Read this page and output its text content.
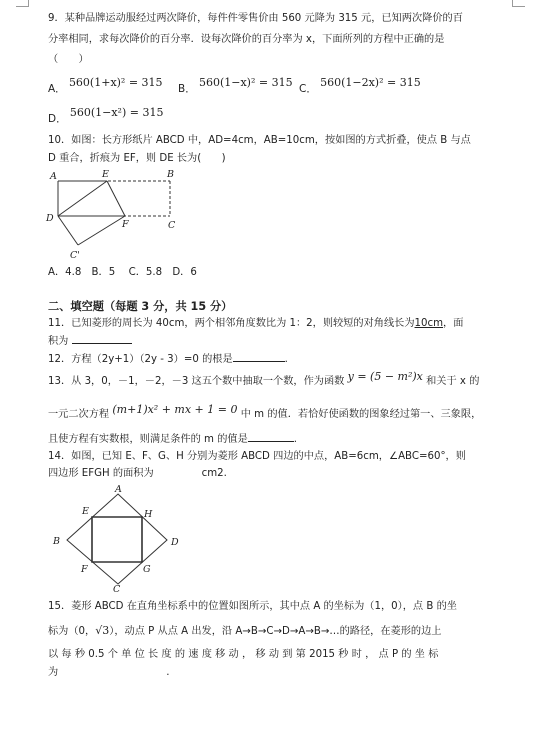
9．某种品牌运动服经过两次降价，每件件零售价由 560 元降为 315 元，已知两次降价的百
分率相同，求每次降价的百分率．设每次降价的百分率为 x，下面所列的方程中正确的是
（　　）
A． 560(1+x)² = 315 B． 560(1−x)² = 315 C． 560(1−2x)² = 315
D． 560(1−x²) = 315
10．如图：长方形纸片 ABCD 中，AD=4cm，AB=10cm，按如图的方式折叠，使点 B 与点
D 重合，折痕为 EF，则 DE 长为(　　)
A	E	B
D
F	C
C'
A．4.8　B．5　 C．5.8　D．6
二、填空题（每题 3 分，共 15 分）
11．已知菱形的周长为 40cm，两个相邻角度数比为 1：2，则较短的对角线长为10cm，面
积为
12．方程（2y+1）（2y - 3）=0 的根是	.
13．从 3，0，－1，－2，－3 这五个数中抽取一个数，作为函数 y = (5 − m²)x 和关于 x 的
一元二次方程 (m+1)x² + mx + 1 = 0 中 m 的值．若恰好使函数的图象经过第一、三象限，
且使方程有实数根，则满足条件的 m 的值是	.
14．如图，已知 E、F、G、H 分别为菱形 ABCD 四边的中点，AB=6cm，∠ABC=60°，则
四边形 EFGH 的面积为	cm2.
A
E	H
B	D
F	G
C
15．菱形 ABCD 在直角坐标系中的位置如图所示，其中点 A 的坐标为（1，0），点 B 的坐
标为（0，√3），动点 P 从点 A 出发，沿 A→B→C→D→A→B→…的路径，在菱形的边上
以 每 秒 0.5 个 单 位 长 度 的 速 度 移 动 ， 移 动 到 第 2015 秒 时 ， 点 P 的 坐 标
为	.
